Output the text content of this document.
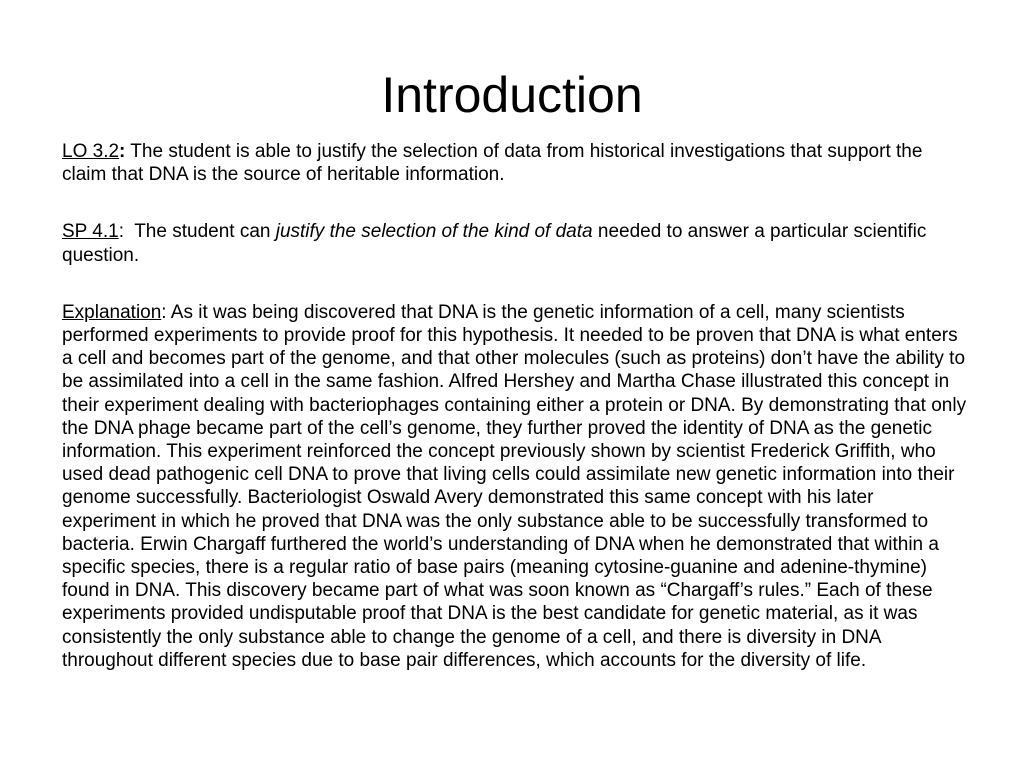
Introduction

LO 3.2: The student is able to justify the selection of data from historical investigations that support the claim that DNA is the source of heritable information.

SP 4.1:  The student can justify the selection of the kind of data needed to answer a particular scientific question.

Explanation: As it was being discovered that DNA is the genetic information of a cell, many scientists performed experiments to provide proof for this hypothesis. It needed to be proven that DNA is what enters a cell and becomes part of the genome, and that other molecules (such as proteins) don’t have the ability to be assimilated into a cell in the same fashion. Alfred Hershey and Martha Chase illustrated this concept in their experiment dealing with bacteriophages containing either a protein or DNA. By demonstrating that only the DNA phage became part of the cell’s genome, they further proved the identity of DNA as the genetic information. This experiment reinforced the concept previously shown by scientist Frederick Griffith, who used dead pathogenic cell DNA to prove that living cells could assimilate new genetic information into their genome successfully. Bacteriologist Oswald Avery demonstrated this same concept with his later experiment in which he proved that DNA was the only substance able to be successfully transformed to bacteria. Erwin Chargaff furthered the world’s understanding of DNA when he demonstrated that within a specific species, there is a regular ratio of base pairs (meaning cytosine-guanine and adenine-thymine) found in DNA. This discovery became part of what was soon known as “Chargaff’s rules.” Each of these experiments provided undisputable proof that DNA is the best candidate for genetic material, as it was consistently the only substance able to change the genome of a cell, and there is diversity in DNA throughout different species due to base pair differences, which accounts for the diversity of life.
